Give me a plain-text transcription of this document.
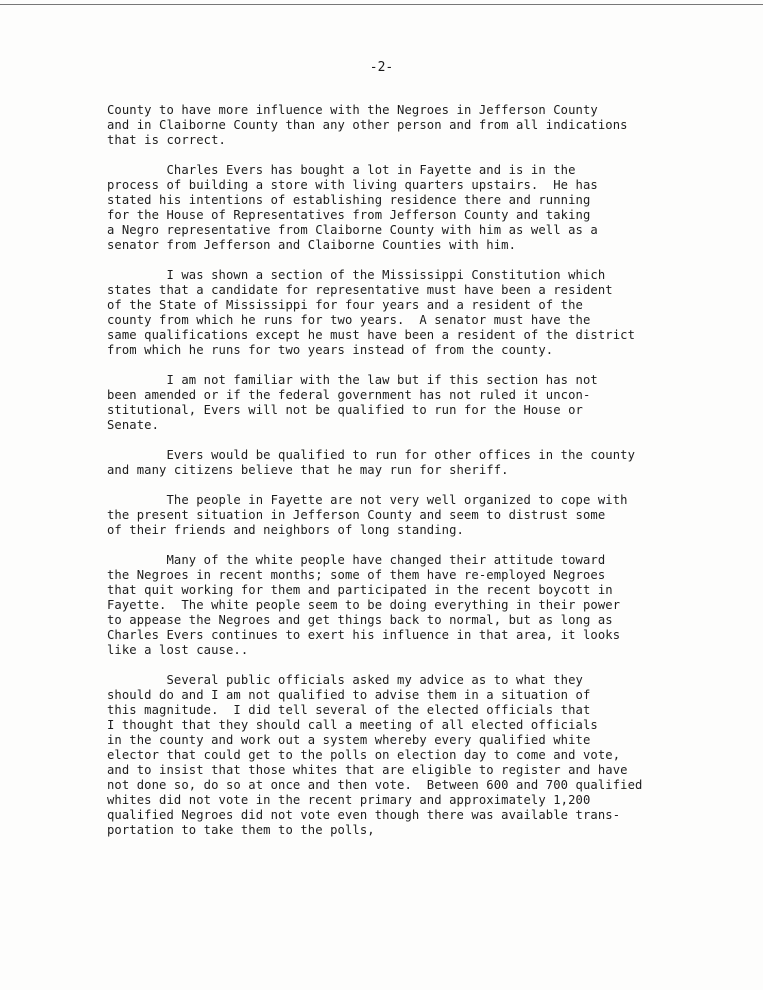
-2-
County to have more influence with the Negroes in Jefferson County
and in Claiborne County than any other person and from all indications
that is correct.
Charles Evers has bought a lot in Fayette and is in the
process of building a store with living quarters upstairs.  He has
stated his intentions of establishing residence there and running
for the House of Representatives from Jefferson County and taking
a Negro representative from Claiborne County with him as well as a
senator from Jefferson and Claiborne Counties with him.
I was shown a section of the Mississippi Constitution which
states that a candidate for representative must have been a resident
of the State of Mississippi for four years and a resident of the
county from which he runs for two years.  A senator must have the
same qualifications except he must have been a resident of the district
from which he runs for two years instead of from the county.
I am not familiar with the law but if this section has not
been amended or if the federal government has not ruled it uncon-
stitutional, Evers will not be qualified to run for the House or
Senate.
Evers would be qualified to run for other offices in the county
and many citizens believe that he may run for sheriff.
The people in Fayette are not very well organized to cope with
the present situation in Jefferson County and seem to distrust some
of their friends and neighbors of long standing.
Many of the white people have changed their attitude toward
the Negroes in recent months; some of them have re-employed Negroes
that quit working for them and participated in the recent boycott in
Fayette.  The white people seem to be doing everything in their power
to appease the Negroes and get things back to normal, but as long as
Charles Evers continues to exert his influence in that area, it looks
like a lost cause..
Several public officials asked my advice as to what they
should do and I am not qualified to advise them in a situation of
this magnitude.  I did tell several of the elected officials that
I thought that they should call a meeting of all elected officials
in the county and work out a system whereby every qualified white
elector that could get to the polls on election day to come and vote,
and to insist that those whites that are eligible to register and have
not done so, do so at once and then vote.  Between 600 and 700 qualified
whites did not vote in the recent primary and approximately 1,200
qualified Negroes did not vote even though there was available trans-
portation to take them to the polls,
